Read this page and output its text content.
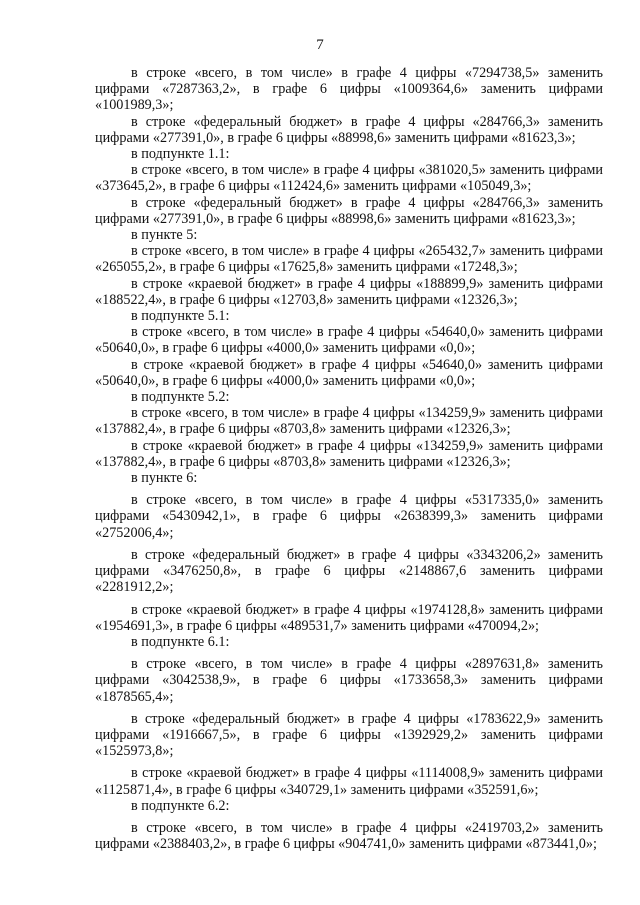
7

в строке «всего, в том числе» в графе 4 цифры «7294738,5» заменить цифрами «7287363,2», в графе 6 цифры «1009364,6» заменить цифрами «1001989,3»;

в строке «федеральный бюджет» в графе 4 цифры «284766,3» заменить цифрами «277391,0», в графе 6 цифры «88998,6» заменить цифрами «81623,3»;

в подпункте 1.1:

в строке «всего, в том числе» в графе 4 цифры «381020,5» заменить цифрами «373645,2», в графе 6 цифры «112424,6» заменить цифрами «105049,3»;

в строке «федеральный бюджет» в графе 4 цифры «284766,3» заменить цифрами «277391,0», в графе 6 цифры «88998,6» заменить цифрами «81623,3»;

в пункте 5:

в строке «всего, в том числе» в графе 4 цифры «265432,7» заменить цифрами «265055,2», в графе 6 цифры «17625,8» заменить цифрами «17248,3»;

в строке «краевой бюджет» в графе 4 цифры «188899,9» заменить цифрами «188522,4», в графе 6 цифры «12703,8» заменить цифрами «12326,3»;

в подпункте 5.1:

в строке «всего, в том числе» в графе 4 цифры «54640,0» заменить цифрами «50640,0», в графе 6 цифры «4000,0» заменить цифрами «0,0»;

в строке «краевой бюджет» в графе 4 цифры «54640,0» заменить цифрами «50640,0», в графе 6 цифры «4000,0» заменить цифрами «0,0»;

в подпункте 5.2:

в строке «всего, в том числе» в графе 4 цифры «134259,9» заменить цифрами «137882,4», в графе 6 цифры «8703,8» заменить цифрами «12326,3»;

в строке «краевой бюджет» в графе 4 цифры «134259,9» заменить цифрами «137882,4», в графе 6 цифры «8703,8» заменить цифрами «12326,3»;

в пункте 6:

в строке «всего, в том числе» в графе 4 цифры «5317335,0» заменить цифрами «5430942,1», в графе 6 цифры «2638399,3» заменить цифрами «2752006,4»;

в строке «федеральный бюджет» в графе 4 цифры «3343206,2» заменить цифрами «3476250,8», в графе 6 цифры «2148867,6 заменить цифрами «2281912,2»;

в строке «краевой бюджет» в графе 4 цифры «1974128,8» заменить цифрами «1954691,3», в графе 6 цифры «489531,7» заменить цифрами «470094,2»;

в подпункте 6.1:

в строке «всего, в том числе» в графе 4 цифры «2897631,8» заменить цифрами «3042538,9», в графе 6 цифры «1733658,3» заменить цифрами «1878565,4»;

в строке «федеральный бюджет» в графе 4 цифры «1783622,9» заменить цифрами «1916667,5», в графе 6 цифры «1392929,2» заменить цифрами «1525973,8»;

в строке «краевой бюджет» в графе 4 цифры «1114008,9» заменить цифрами «1125871,4», в графе 6 цифры «340729,1» заменить цифрами «352591,6»;

в подпункте 6.2:

в строке «всего, в том числе» в графе 4 цифры «2419703,2» заменить цифрами «2388403,2», в графе 6 цифры «904741,0» заменить цифрами «873441,0»;
